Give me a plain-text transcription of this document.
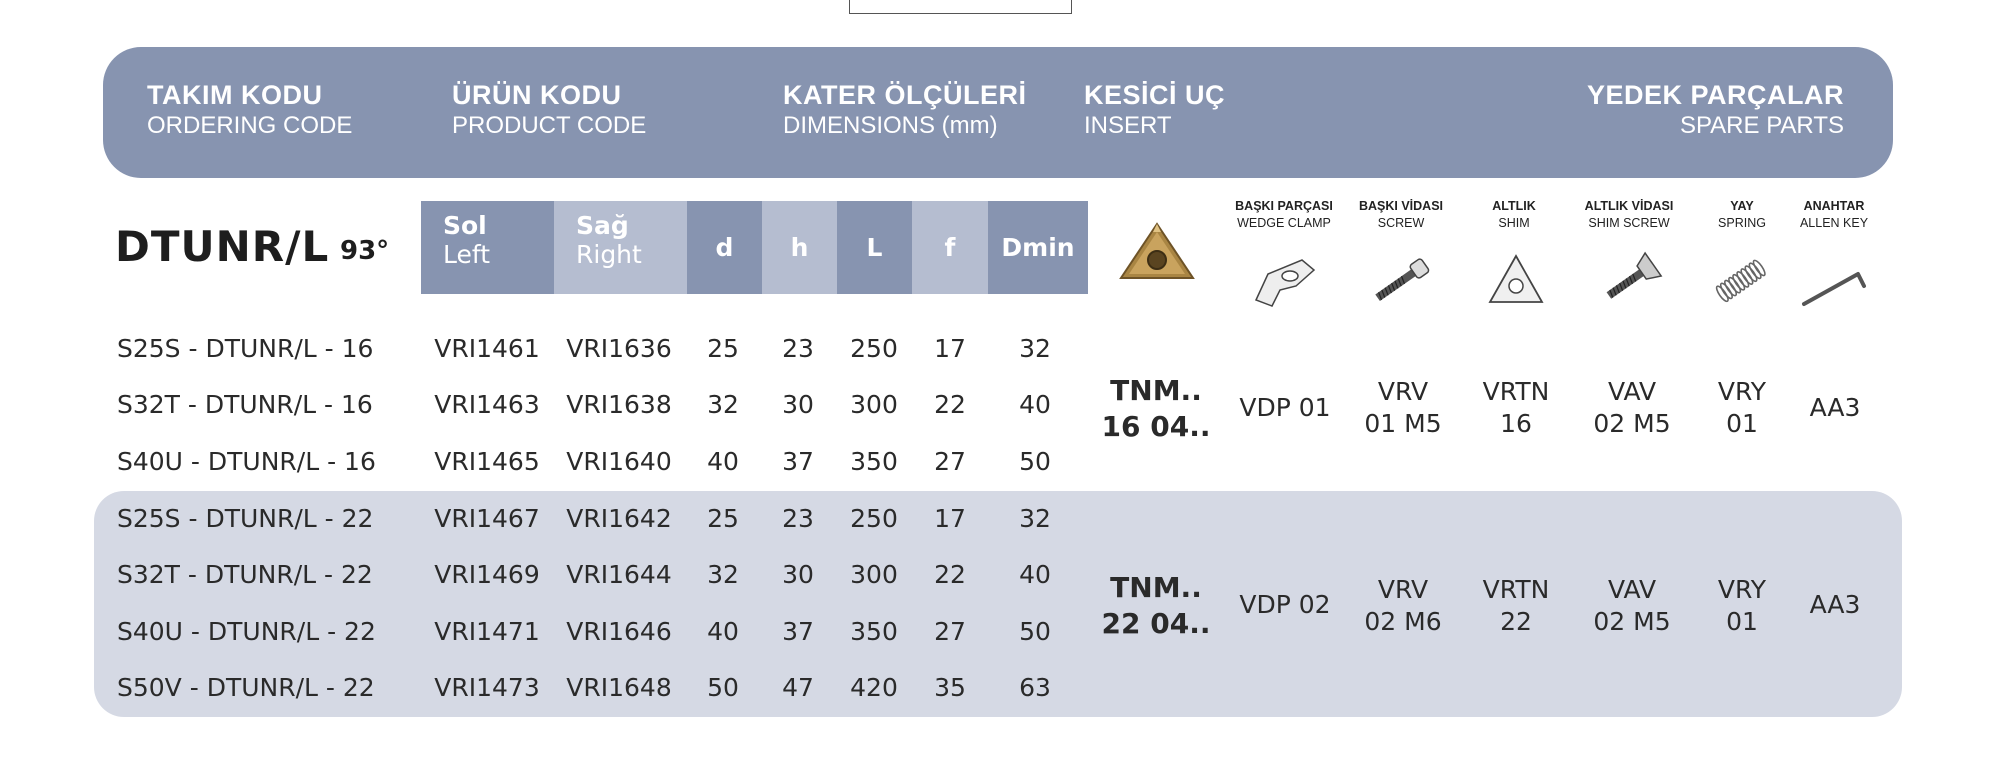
TAKIM KODU
ORDERING CODE
ÜRÜN KODU
PRODUCT CODE
KATER ÖLÇÜLERİ
DIMENSIONS (mm)
KESİCİ UÇ
INSERT
YEDEK PARÇALAR
SPARE PARTS
DTUNR/L 93°
Sol
Left
Sağ
Right	d h L f Dmin
BAŞKI PARÇASI
WEDGE CLAMP
BAŞKI VİDASI
SCREW
ALTLIK
SHIM
ALTLIK VİDASI
SHIM SCREW
YAY
SPRING
ANAHTAR
ALLEN KEY
S25S - DTUNR/L - 16 VRI1461 VRI1636 25 23 250 17 32
S32T - DTUNR/L - 16 VRI1463 VRI1638 32 30 300 22 40
S40U - DTUNR/L - 16 VRI1465 VRI1640 40 37 350 27 50
S25S - DTUNR/L - 22 VRI1467 VRI1642 25 23 250 17 32
S32T - DTUNR/L - 22 VRI1469 VRI1644 32 30 300 22 40
S40U - DTUNR/L - 22 VRI1471 VRI1646 40 37 350 27 50
S50V - DTUNR/L - 22 VRI1473 VRI1648 50 47 420 35 63
TNM..
16 04..
VDP 01
VRV
01 M5
VRTN
16
VAV
02 M5
VRY
01
AA3
TNM..
22 04..
VDP 02
VRV
02 M6
VRTN
22
VAV
02 M5
VRY
01
AA3
